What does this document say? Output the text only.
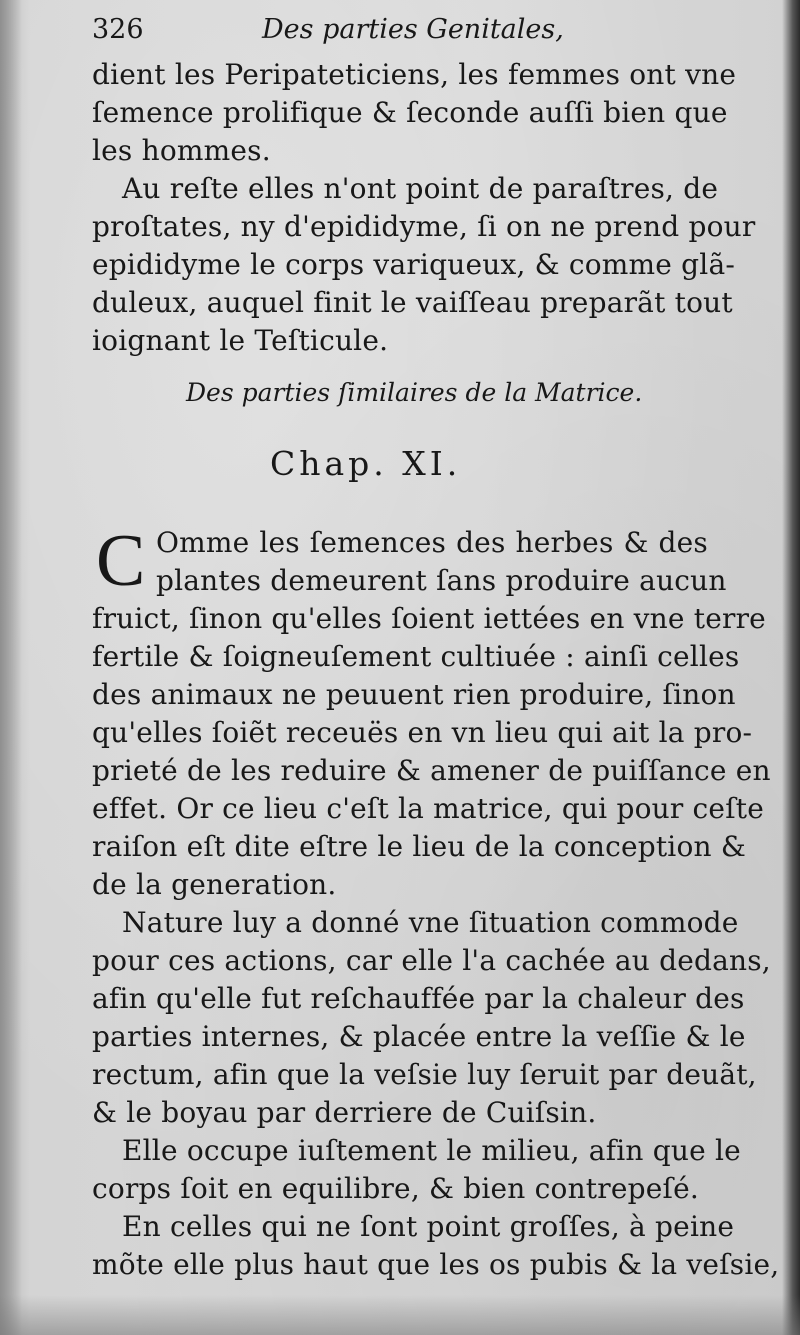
326	Des parties Genitales,
dient les Peripateticiens, les femmes ont vne
ſemence prolifique & ſeconde auſſi bien que
les hommes.
Au reſte elles n'ont point de paraſtres, de
proſtates, ny d'epididyme, ſi on ne prend pour
epididyme le corps variqueux, & comme glã-
duleux, auquel finit le vaiſſeau preparãt tout
ioignant le Teſticule.
Des parties ſimilaires de la Matrice.
Chap. XI.
C Omme les ſemences des herbes & des
plantes demeurent ſans produire aucun
fruict, ſinon qu'elles ſoient iettées en vne terre
fertile & ſoigneuſement cultiuée : ainſi celles
des animaux ne peuuent rien produire, ſinon
qu'elles ſoiẽt receuës en vn lieu qui ait la pro-
prieté de les reduire & amener de puiſſance en
effet. Or ce lieu c'eſt la matrice, qui pour ceſte
raiſon eſt dite eſtre le lieu de la conception &
de la generation.
Nature luy a donné vne ſituation commode
pour ces actions, car elle l'a cachée au dedans,
afin qu'elle fut reſchauffée par la chaleur des
parties internes, & placée entre la veſſie & le
rectum, afin que la veſsie luy ſeruit par deuãt,
& le boyau par derriere de Cuiſsin.
Elle occupe iuſtement le milieu, afin que le
corps ſoit en equilibre, & bien contrepeſé.
En celles qui ne ſont point groſſes, à peine
mõte elle plus haut que les os pubis & la veſsie,
